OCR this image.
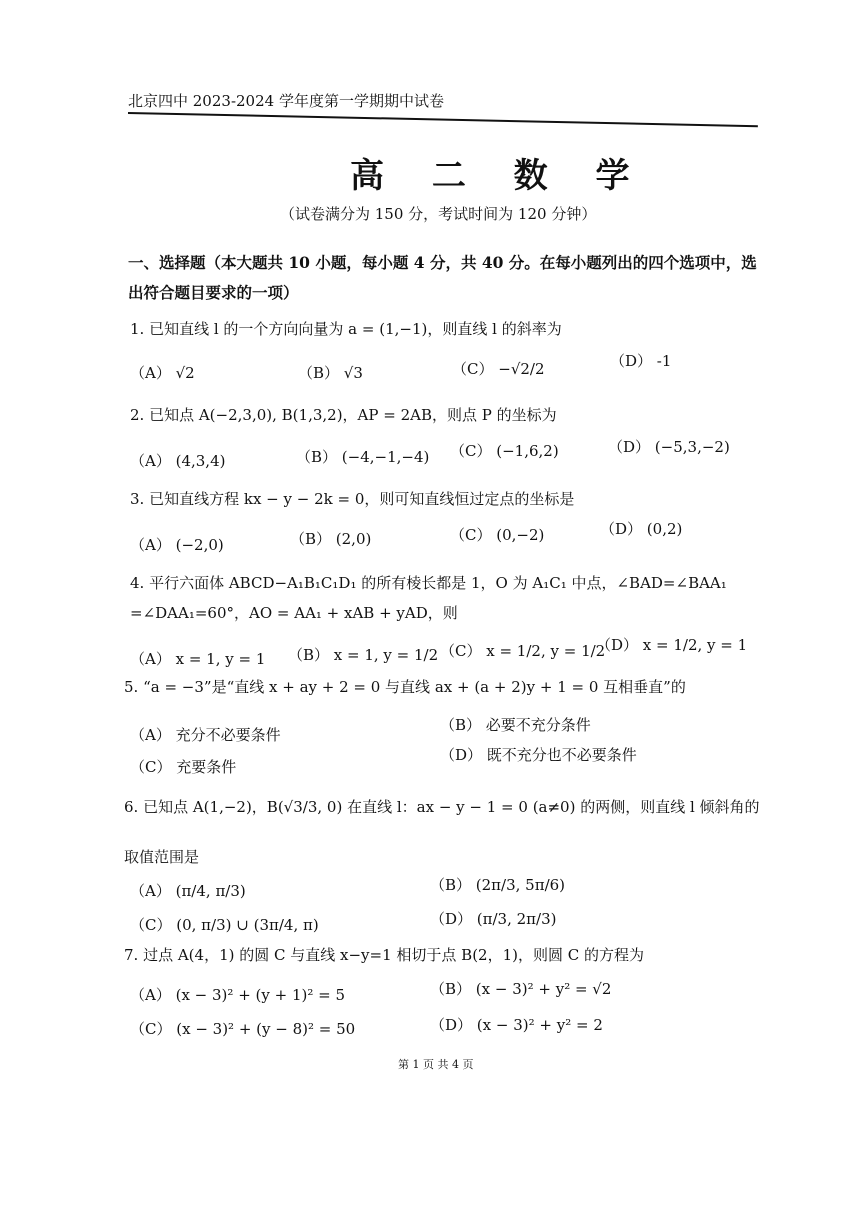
北京四中 2023-2024 学年度第一学期期中试卷
高 二 数 学
（试卷满分为 150 分，考试时间为 120 分钟）
一、选择题（本大题共 10 小题，每小题 4 分，共 40 分。在每小题列出的四个选项中，选出符合题目要求的一项）
1. 已知直线 l 的一个方向向量为 a = (1,−1)，则直线 l 的斜率为
（A） √2	（B） √3	（C） −√2/2	（D） -1
2. 已知点 A(−2,3,0), B(1,3,2)，AP = 2AB，则点 P 的坐标为
（A） (4,3,4)	（B） (−4,−1,−4) （C） (−1,6,2)	（D） (−5,3,−2)
3. 已知直线方程 kx − y − 2k = 0，则可知直线恒过定点的坐标是
（A） (−2,0)	（B） (2,0)	（C） (0,−2)	（D） (0,2)
4. 平行六面体 ABCD−A₁B₁C₁D₁ 的所有棱长都是 1，O 为 A₁C₁ 中点，∠BAD=∠BAA₁
=∠DAA₁=60°，AO = AA₁ + xAB + yAD，则
（A） x = 1, y = 1 （B） x = 1, y = 1/2 （C） x = 1/2, y = 1/2
（D） x = 1/2, y = 1
5. “a = −3”是“直线 x + ay + 2 = 0 与直线 ax + (a + 2)y + 1 = 0 互相垂直”的
（A） 充分不必要条件
（B） 必要不充分条件
（C） 充要条件
（D） 既不充分也不必要条件
6. 已知点 A(1,−2)，B(√3/3, 0) 在直线 l：ax − y − 1 = 0 (a≠0) 的两侧，则直线 l 倾斜角的
取值范围是
（A） (π/4, π/3)	（B） (2π/3, 5π/6)
（C） (0, π/3) ∪ (3π/4, π)	（D） (π/3, 2π/3)
7. 过点 A(4，1) 的圆 C 与直线 x−y=1 相切于点 B(2，1)，则圆 C 的方程为
（A） (x − 3)² + (y + 1)² = 5	（B） (x − 3)² + y² = √2
（C） (x − 3)² + (y − 8)² = 50	（D） (x − 3)² + y² = 2
第 1 页 共 4 页
